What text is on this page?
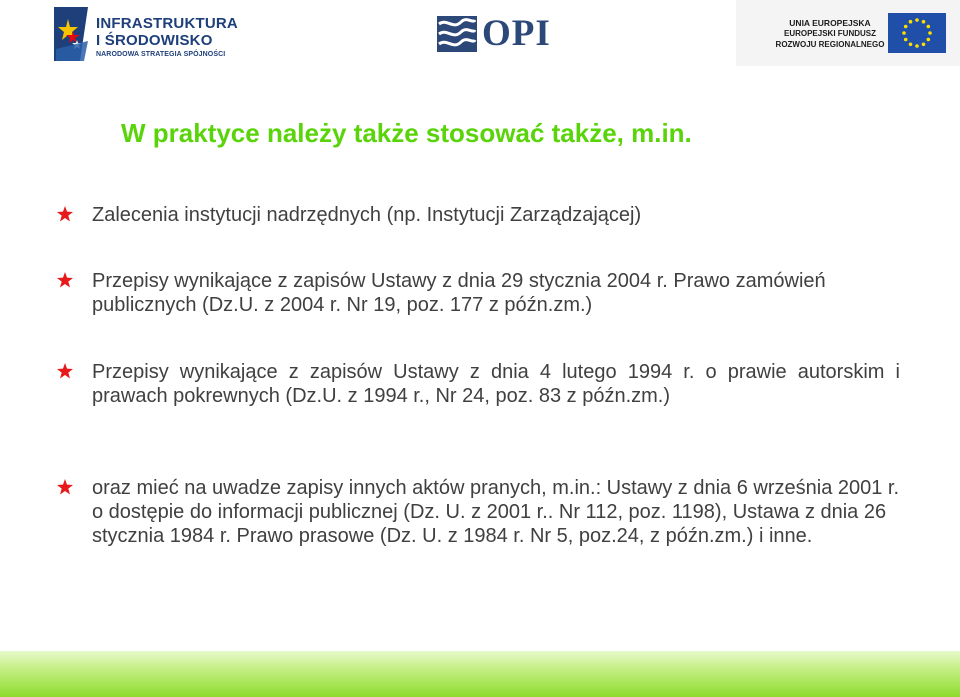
INFRASTRUKTURA
I ŚRODOWISKO
NARODOWA STRATEGIA SPÓJNOŚCI
OPI	UNIA EUROPEJSKA
EUROPEJSKI FUNDUSZ
ROZWOJU REGIONALNEGO
W praktyce należy także stosować także, m.in.
Zalecenia instytucji nadrzędnych (np. Instytucji Zarządzającej)
Przepisy wynikające z zapisów Ustawy z dnia 29 stycznia 2004 r. Prawo zamówień publicznych (Dz.U. z 2004 r. Nr 19, poz. 177 z późn.zm.)
Przepisy wynikające z zapisów Ustawy z dnia 4 lutego 1994 r. o prawie autorskim i prawach pokrewnych (Dz.U. z 1994 r., Nr 24, poz. 83 z późn.zm.)
oraz mieć na uwadze zapisy innych aktów pranych, m.in.: Ustawy z dnia 6 września 2001 r. o dostępie do informacji publicznej (Dz. U. z 2001 r.. Nr 112, poz. 1198), Ustawa z dnia 26 stycznia 1984 r. Prawo prasowe (Dz. U. z 1984 r. Nr 5, poz.24, z późn.zm.) i inne.
